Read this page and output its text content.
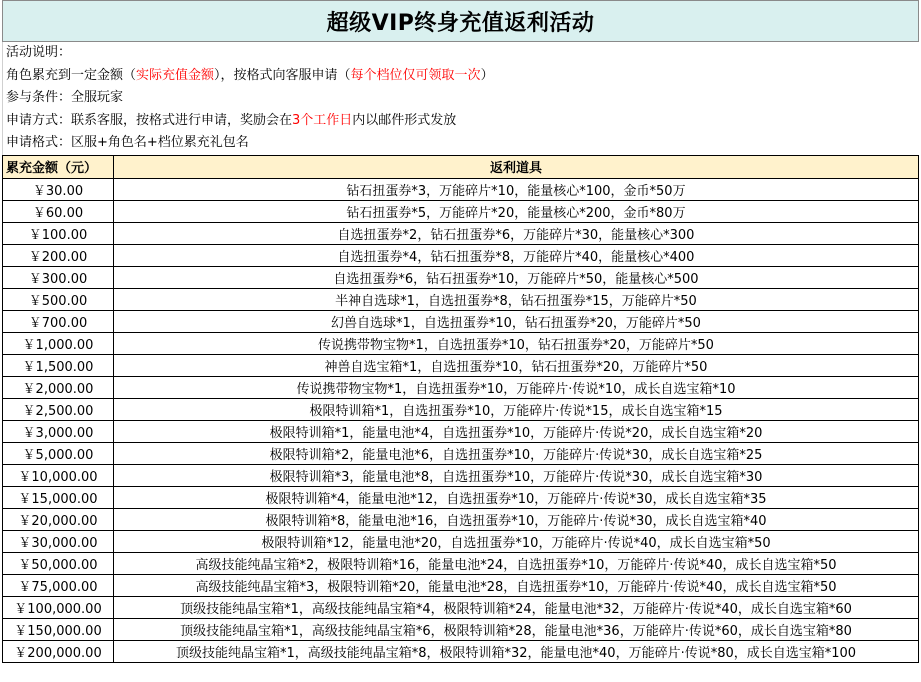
超级VIP终身充值返利活动
活动说明：
角色累充到一定金额（实际充值金额），按格式向客服申请（每个档位仅可领取一次）
参与条件：全服玩家
申请方式：联系客服，按格式进行申请，奖励会在3个工作日内以邮件形式发放
申请格式：区服+角色名+档位累充礼包名
累充金额（元）	返利道具
￥30.00	钻石扭蛋券*3，万能碎片*10，能量核心*100，金币*50万
￥60.00	钻石扭蛋券*5，万能碎片*20，能量核心*200，金币*80万
￥100.00	自选扭蛋券*2，钻石扭蛋券*6，万能碎片*30，能量核心*300
￥200.00	自选扭蛋券*4，钻石扭蛋券*8，万能碎片*40，能量核心*400
￥300.00	自选扭蛋券*6，钻石扭蛋券*10，万能碎片*50，能量核心*500
￥500.00	半神自选球*1，自选扭蛋券*8，钻石扭蛋券*15，万能碎片*50
￥700.00	幻兽自选球*1，自选扭蛋券*10，钻石扭蛋券*20，万能碎片*50
￥1,000.00	传说携带物宝物*1，自选扭蛋券*10，钻石扭蛋券*20，万能碎片*50
￥1,500.00	神兽自选宝箱*1，自选扭蛋券*10，钻石扭蛋券*20，万能碎片*50
￥2,000.00	传说携带物宝物*1，自选扭蛋券*10，万能碎片·传说*10，成长自选宝箱*10
￥2,500.00	极限特训箱*1，自选扭蛋券*10，万能碎片·传说*15，成长自选宝箱*15
￥3,000.00	极限特训箱*1，能量电池*4，自选扭蛋券*10，万能碎片·传说*20，成长自选宝箱*20
￥5,000.00	极限特训箱*2，能量电池*6，自选扭蛋券*10，万能碎片·传说*30，成长自选宝箱*25
￥10,000.00	极限特训箱*3，能量电池*8，自选扭蛋券*10，万能碎片·传说*30，成长自选宝箱*30
￥15,000.00	极限特训箱*4，能量电池*12，自选扭蛋券*10，万能碎片·传说*30，成长自选宝箱*35
￥20,000.00	极限特训箱*8，能量电池*16，自选扭蛋券*10，万能碎片·传说*30，成长自选宝箱*40
￥30,000.00	极限特训箱*12，能量电池*20，自选扭蛋券*10，万能碎片·传说*40，成长自选宝箱*50
￥50,000.00	高级技能纯晶宝箱*2，极限特训箱*16，能量电池*24，自选扭蛋券*10，万能碎片·传说*40，成长自选宝箱*50
￥75,000.00	高级技能纯晶宝箱*3，极限特训箱*20，能量电池*28，自选扭蛋券*10，万能碎片·传说*40，成长自选宝箱*50
￥100,000.00	顶级技能纯晶宝箱*1，高级技能纯晶宝箱*4，极限特训箱*24，能量电池*32，万能碎片·传说*40，成长自选宝箱*60
￥150,000.00	顶级技能纯晶宝箱*1，高级技能纯晶宝箱*6，极限特训箱*28，能量电池*36，万能碎片·传说*60，成长自选宝箱*80
￥200,000.00	顶级技能纯晶宝箱*1，高级技能纯晶宝箱*8，极限特训箱*32，能量电池*40，万能碎片·传说*80，成长自选宝箱*100
